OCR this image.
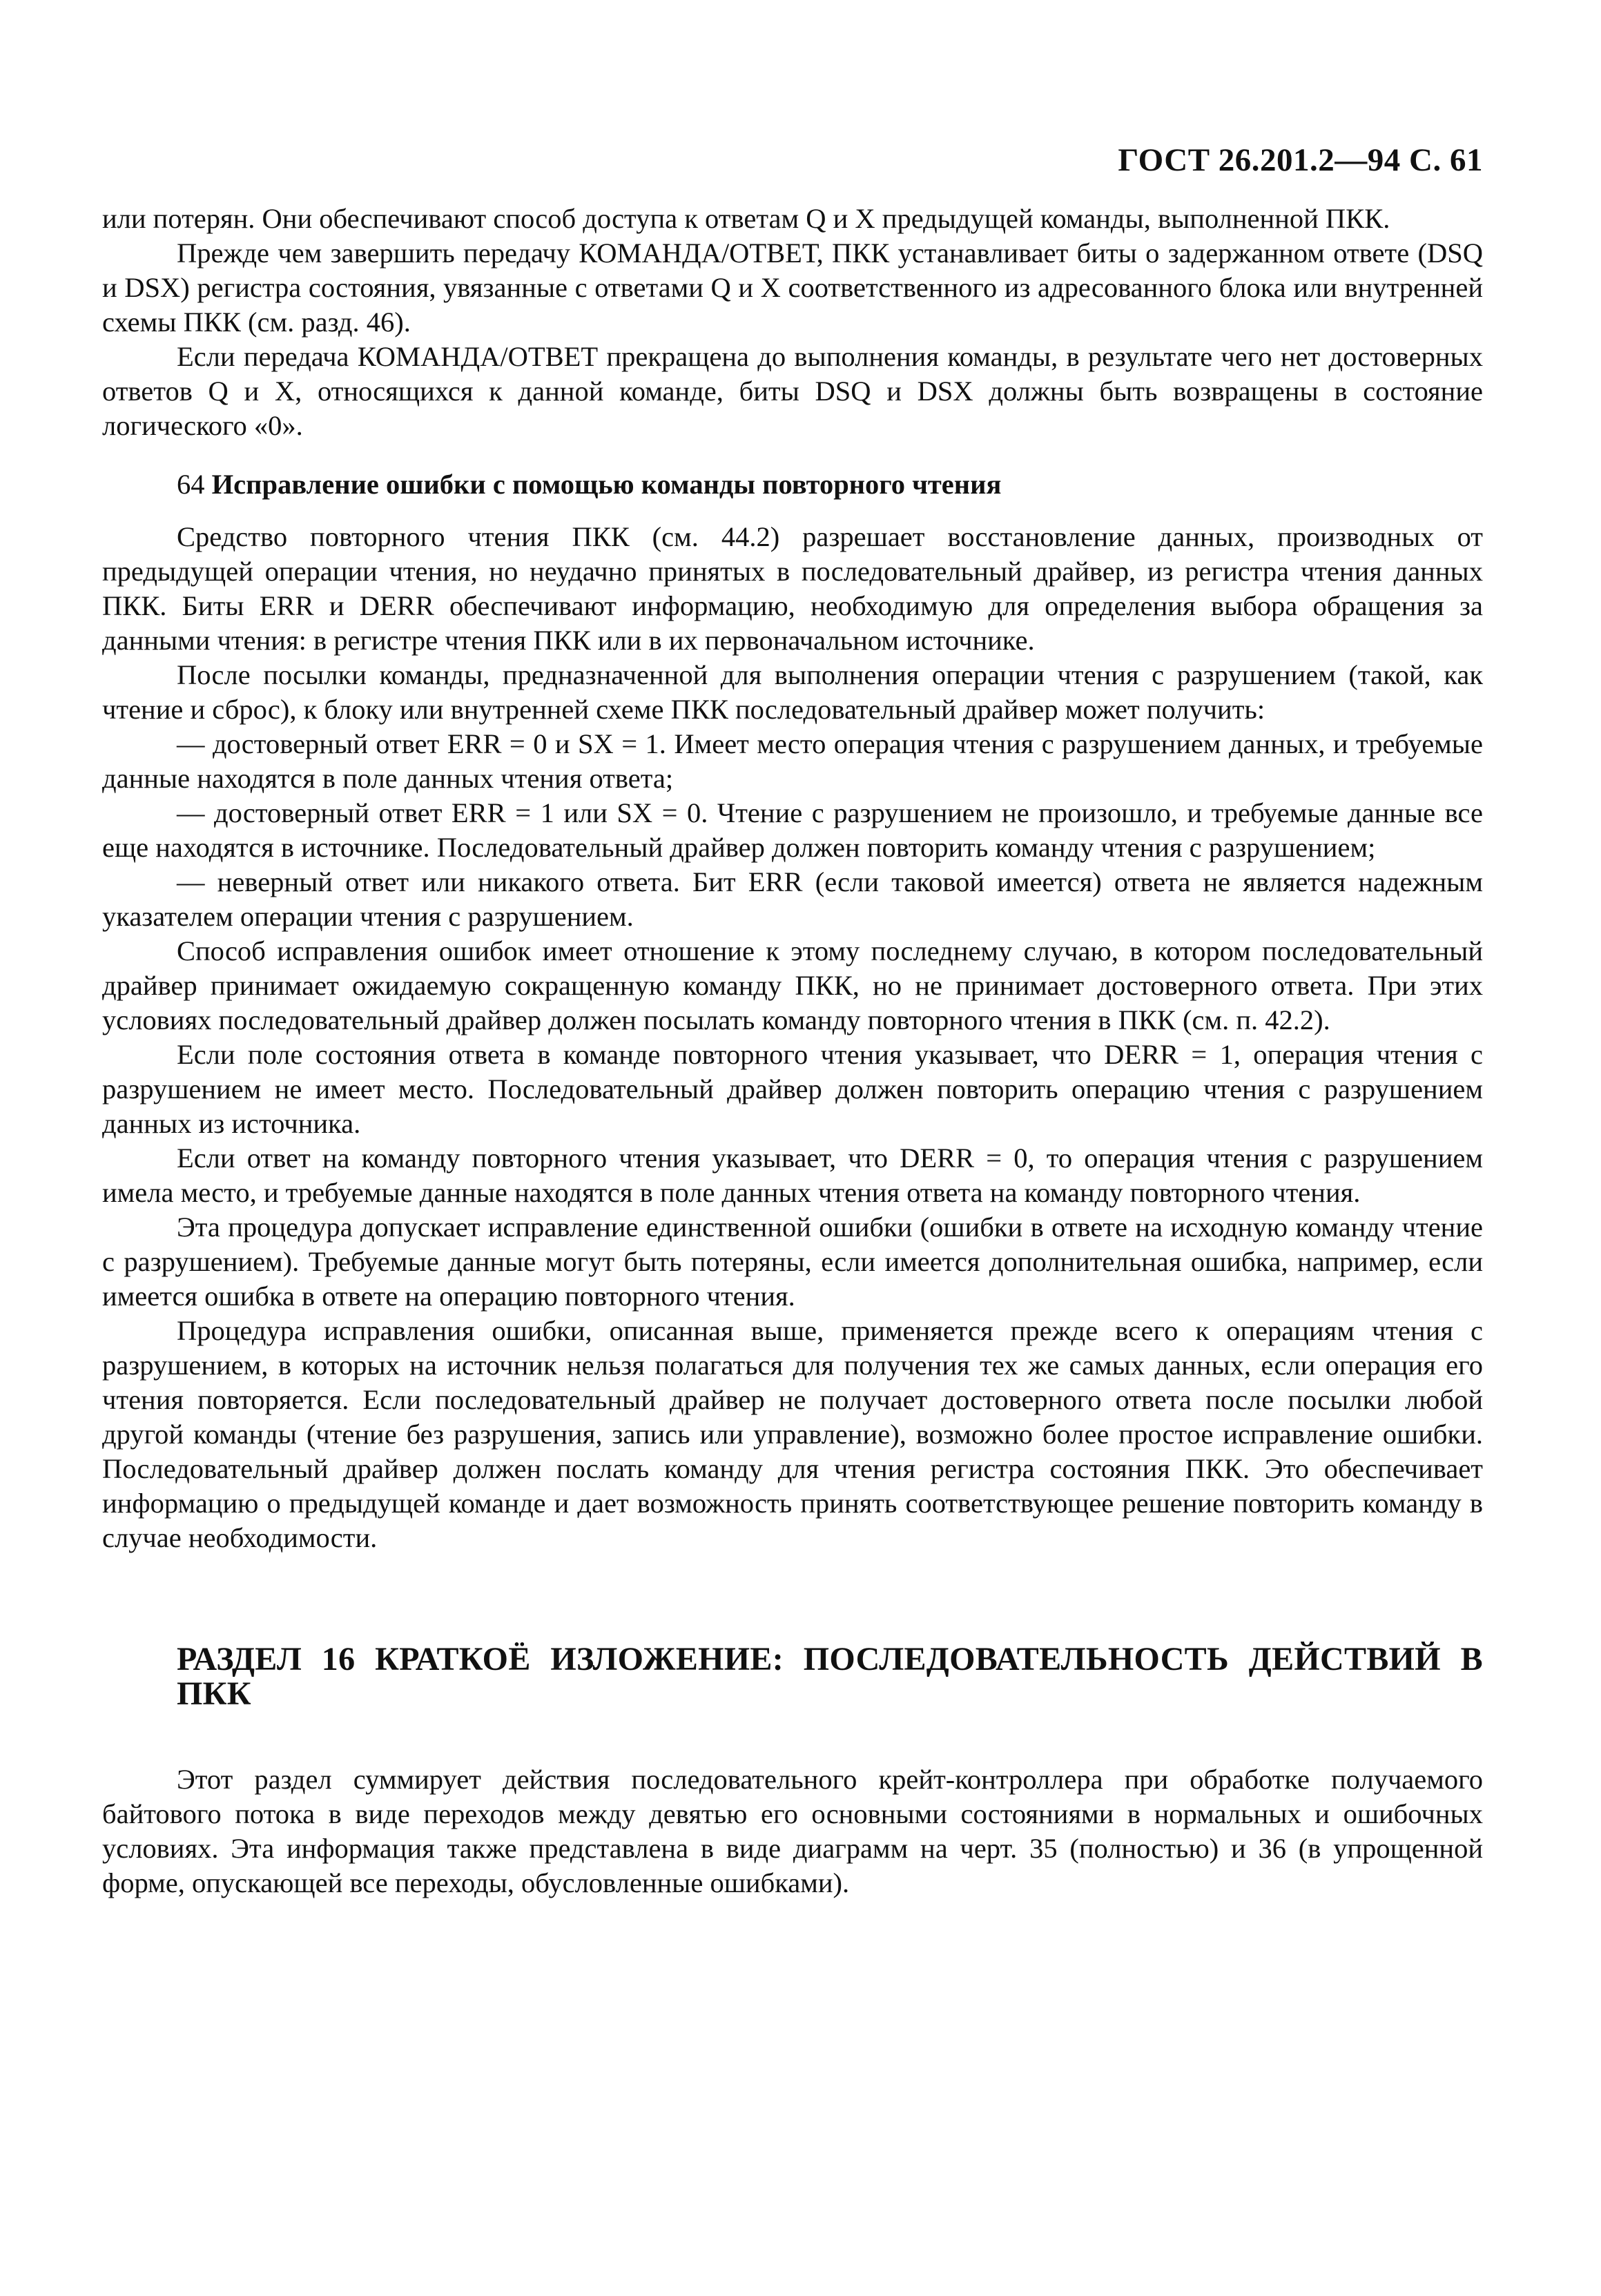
ГОСТ 26.201.2—94 С. 61

или потерян. Они обеспечивают способ доступа к ответам Q и X предыдущей команды, выполненной ПКК.

Прежде чем завершить передачу КОМАНДА/ОТВЕТ, ПКК устанавливает биты о задержанном ответе (DSQ и DSX) регистра состояния, увязанные с ответами Q и X соответственного из адресованного блока или внутренней схемы ПКК (см. разд. 46).

Если передача КОМАНДА/ОТВЕТ прекращена до выполнения команды, в результате чего нет достоверных ответов Q и X, относящихся к данной команде, биты DSQ и DSX должны быть возвращены в состояние логического «0».

64 Исправление ошибки с помощью команды повторного чтения

Средство повторного чтения ПКК (см. 44.2) разрешает восстановление данных, производных от предыдущей операции чтения, но неудачно принятых в последовательный драйвер, из регистра чтения данных ПКК. Биты ERR и DERR обеспечивают информацию, необходимую для определения выбора обращения за данными чтения: в регистре чтения ПКК или в их первоначальном источнике.

После посылки команды, предназначенной для выполнения операции чтения с разрушением (такой, как чтение и сброс), к блоку или внутренней схеме ПКК последовательный драйвер может получить:

— достоверный ответ ERR = 0 и SX = 1. Имеет место операция чтения с разрушением данных, и требуемые данные находятся в поле данных чтения ответа;

— достоверный ответ ERR = 1 или SX = 0. Чтение с разрушением не произошло, и требуемые данные все еще находятся в источнике. Последовательный драйвер должен повторить команду чтения с разрушением;

— неверный ответ или никакого ответа. Бит ERR (если таковой имеется) ответа не является надежным указателем операции чтения с разрушением.

Способ исправления ошибок имеет отношение к этому последнему случаю, в котором последовательный драйвер принимает ожидаемую сокращенную команду ПКК, но не принимает достоверного ответа. При этих условиях последовательный драйвер должен посылать команду повторного чтения в ПКК (см. п. 42.2).

Если поле состояния ответа в команде повторного чтения указывает, что DERR = 1, операция чтения с разрушением не имеет место. Последовательный драйвер должен повторить операцию чтения с разрушением данных из источника.

Если ответ на команду повторного чтения указывает, что DERR = 0, то операция чтения с разрушением имела место, и требуемые данные находятся в поле данных чтения ответа на команду повторного чтения.

Эта процедура допускает исправление единственной ошибки (ошибки в ответе на исходную команду чтение с разрушением). Требуемые данные могут быть потеряны, если имеется дополнительная ошибка, например, если имеется ошибка в ответе на операцию повторного чтения.

Процедура исправления ошибки, описанная выше, применяется прежде всего к операциям чтения с разрушением, в которых на источник нельзя полагаться для получения тех же самых данных, если операция его чтения повторяется. Если последовательный драйвер не получает достоверного ответа после посылки любой другой команды (чтение без разрушения, запись или управление), возможно более простое исправление ошибки. Последовательный драйвер должен послать команду для чтения регистра состояния ПКК. Это обеспечивает информацию о предыдущей команде и дает возможность принять соответствующее решение повторить команду в случае необходимости.

РАЗДЕЛ 16 КРАТКОЁ ИЗЛОЖЕНИЕ: ПОСЛЕДОВАТЕЛЬНОСТЬ ДЕЙСТВИЙ В ПКК

Этот раздел суммирует действия последовательного крейт-контроллера при обработке получаемого байтового потока в виде переходов между девятью его основными состояниями в нормальных и ошибочных условиях. Эта информация также представлена в виде диаграмм на черт. 35 (полностью) и 36 (в упрощенной форме, опускающей все переходы, обусловленные ошибками).
